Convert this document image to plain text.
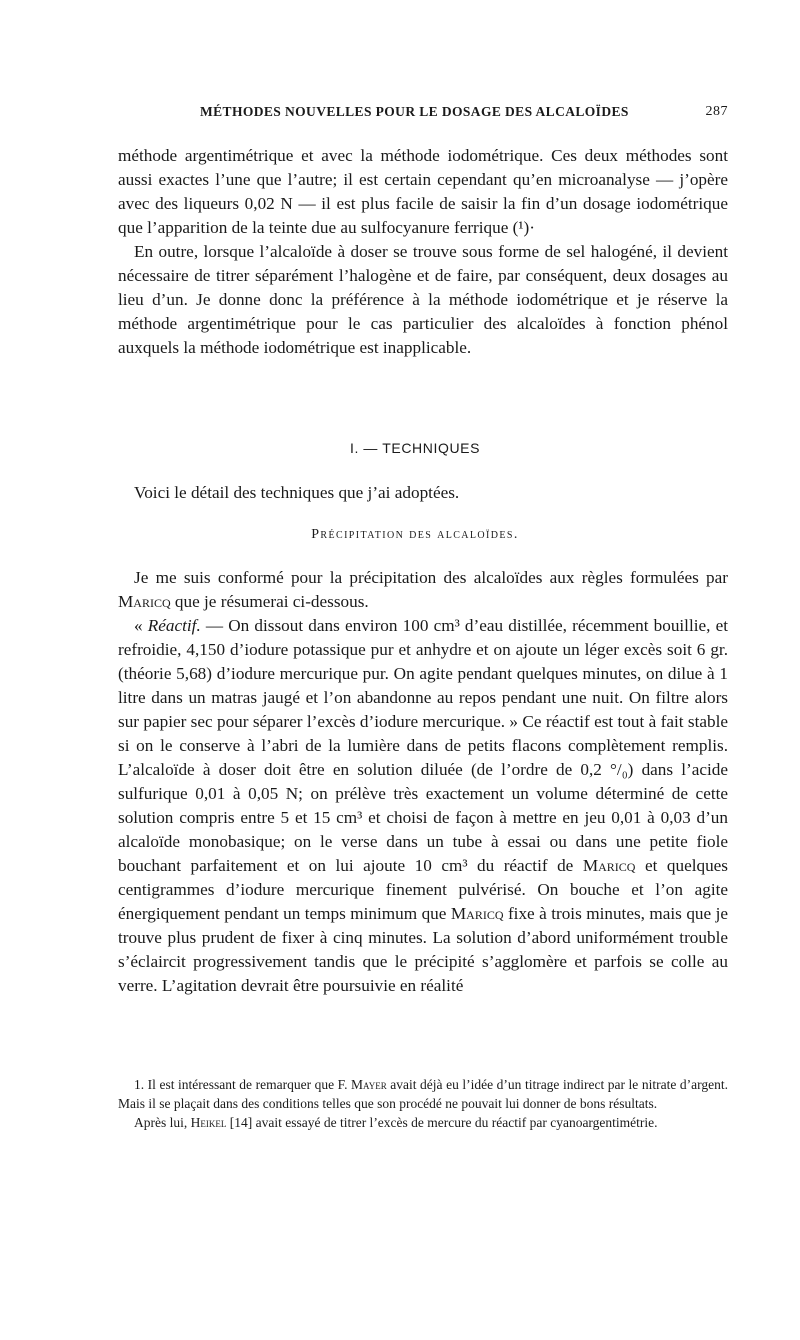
MÉTHODES NOUVELLES POUR LE DOSAGE DES ALCALOÏDES	287

méthode argentimétrique et avec la méthode iodométrique. Ces deux méthodes sont aussi exactes l’une que l’autre; il est certain cependant qu’en microanalyse — j’opère avec des liqueurs 0,02 N — il est plus facile de saisir la fin d’un dosage iodométrique que l’apparition de la teinte due au sulfocyanure ferrique (¹)·

En outre, lorsque l’alcaloïde à doser se trouve sous forme de sel halogéné, il devient nécessaire de titrer séparément l’halogène et de faire, par conséquent, deux dosages au lieu d’un. Je donne donc la préférence à la méthode iodométrique et je réserve la méthode argentimétrique pour le cas particulier des alcaloïdes à fonction phénol auxquels la méthode iodométrique est inapplicable.

I. — TECHNIQUES

Voici le détail des techniques que j’ai adoptées.

Précipitation des alcaloïdes.

Je me suis conformé pour la précipitation des alcaloïdes aux règles formulées par Maricq que je résumerai ci-dessous.

« Réactif. — On dissout dans environ 100 cm³ d’eau distillée, récemment bouillie, et refroidie, 4,150 d’iodure potassique pur et anhydre et on ajoute un léger excès soit 6 gr. (théorie 5,68) d’iodure mercurique pur. On agite pendant quelques minutes, on dilue à 1 litre dans un matras jaugé et l’on abandonne au repos pendant une nuit. On filtre alors sur papier sec pour séparer l’excès d’iodure mercurique. » Ce réactif est tout à fait stable si on le conserve à l’abri de la lumière dans de petits flacons complètement remplis. L’alcaloïde à doser doit être en solution diluée (de l’ordre de 0,2 °/₀) dans l’acide sulfurique 0,01 à 0,05 N; on prélève très exactement un volume déterminé de cette solution compris entre 5 et 15 cm³ et choisi de façon à mettre en jeu 0,01 à 0,03 d’un alcaloïde monobasique; on le verse dans un tube à essai ou dans une petite fiole bouchant parfaitement et on lui ajoute 10 cm³ du réactif de Maricq et quelques centigrammes d’iodure mercurique finement pulvérisé. On bouche et l’on agite énergiquement pendant un temps minimum que Maricq fixe à trois minutes, mais que je trouve plus prudent de fixer à cinq minutes. La solution d’abord uniformément trouble s’éclaircit progressivement tandis que le précipité s’agglomère et parfois se colle au verre. L’agitation devrait être poursuivie en réalité

1. Il est intéressant de remarquer que F. Mayer avait déjà eu l’idée d’un titrage indirect par le nitrate d’argent. Mais il se plaçait dans des conditions telles que son procédé ne pouvait lui donner de bons résultats.

Après lui, Heikel [14] avait essayé de titrer l’excès de mercure du réactif par cyanoargentimétrie.
